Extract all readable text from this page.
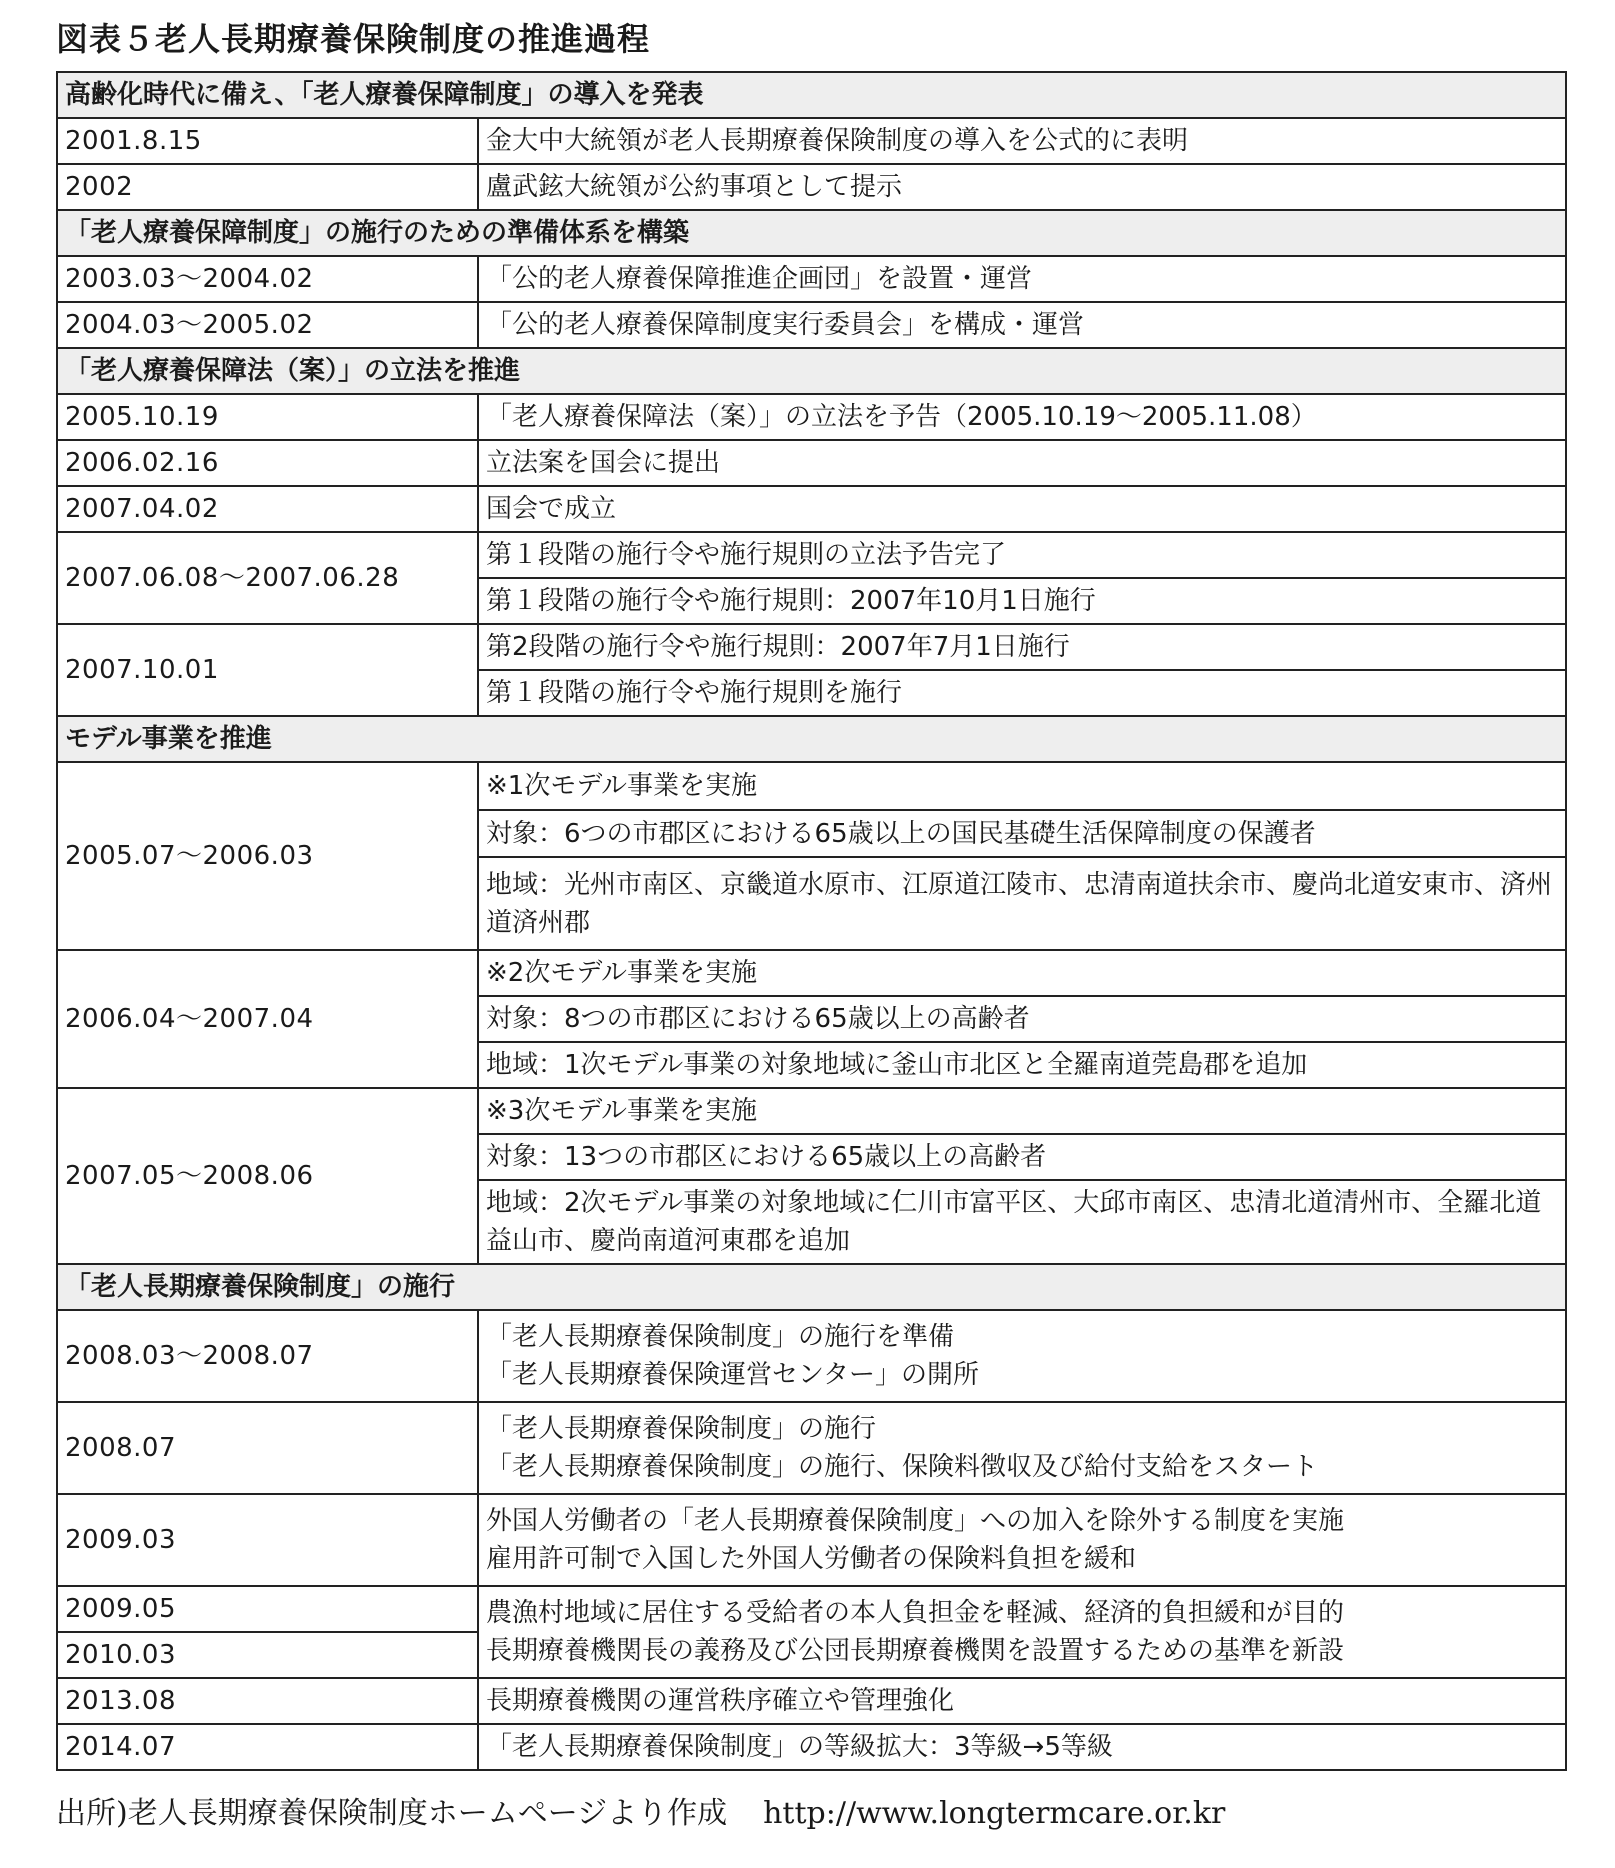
図表５老人長期療養保険制度の推進過程
高齢化時代に備え、「老人療養保障制度」の導入を発表	
2001.8.15	金大中大統領が老人長期療養保険制度の導入を公式的に表明
2002	盧武鉉大統領が公約事項として提示
「老人療養保障制度」の施行のための準備体系を構築	
2003.03〜2004.02	「公的老人療養保障推進企画団」を設置・運営
2004.03〜2005.02	「公的老人療養保障制度実行委員会」を構成・運営
「老人療養保障法（案）」の立法を推進	
2005.10.19	「老人療養保障法（案）」の立法を予告（2005.10.19〜2005.11.08）
2006.02.16	立法案を国会に提出
2007.04.02	国会で成立
2007.06.08〜2007.06.28	第１段階の施行令や施行規則の立法予告完了
	第１段階の施行令や施行規則：2007年10月1日施行
2007.10.01	第2段階の施行令や施行規則：2007年7月1日施行
	第１段階の施行令や施行規則を施行
モデル事業を推進	
2005.07〜2006.03	※1次モデル事業を実施
	対象：6つの市郡区における65歳以上の国民基礎生活保障制度の保護者
	地域：光州市南区、京畿道水原市、江原道江陵市、忠清南道扶余市、慶尚北道安東市、済州道済州郡
2006.04〜2007.04	※2次モデル事業を実施
	対象：8つの市郡区における65歳以上の高齢者
	地域：1次モデル事業の対象地域に釜山市北区と全羅南道莞島郡を追加
2007.05〜2008.06	※3次モデル事業を実施
	対象：13つの市郡区における65歳以上の高齢者
	地域：2次モデル事業の対象地域に仁川市富平区、大邱市南区、忠清北道清州市、全羅北道益山市、慶尚南道河東郡を追加
「老人長期療養保険制度」の施行	
2008.03〜2008.07	「老人長期療養保険制度」の施行を準備
「老人長期療養保険運営センター」の開所

2008.07	「老人長期療養保険制度」の施行
「老人長期療養保険制度」の施行、保険料徴収及び給付支給をスタート

2009.03	外国人労働者の「老人長期療養保険制度」への加入を除外する制度を実施
雇用許可制で入国した外国人労働者の保険料負担を緩和

2009.05	農漁村地域に居住する受給者の本人負担金を軽減、経済的負担緩和が目的
長期療養機関長の義務及び公団長期療養機関を設置するための基準を新設

2010.03	
2013.08	長期療養機関の運営秩序確立や管理強化
2014.07	「老人長期療養保険制度」の等級拡大：3等級→5等級
出所)老人長期療養保険制度ホームページより作成 http://www.longtermcare.or.kr
